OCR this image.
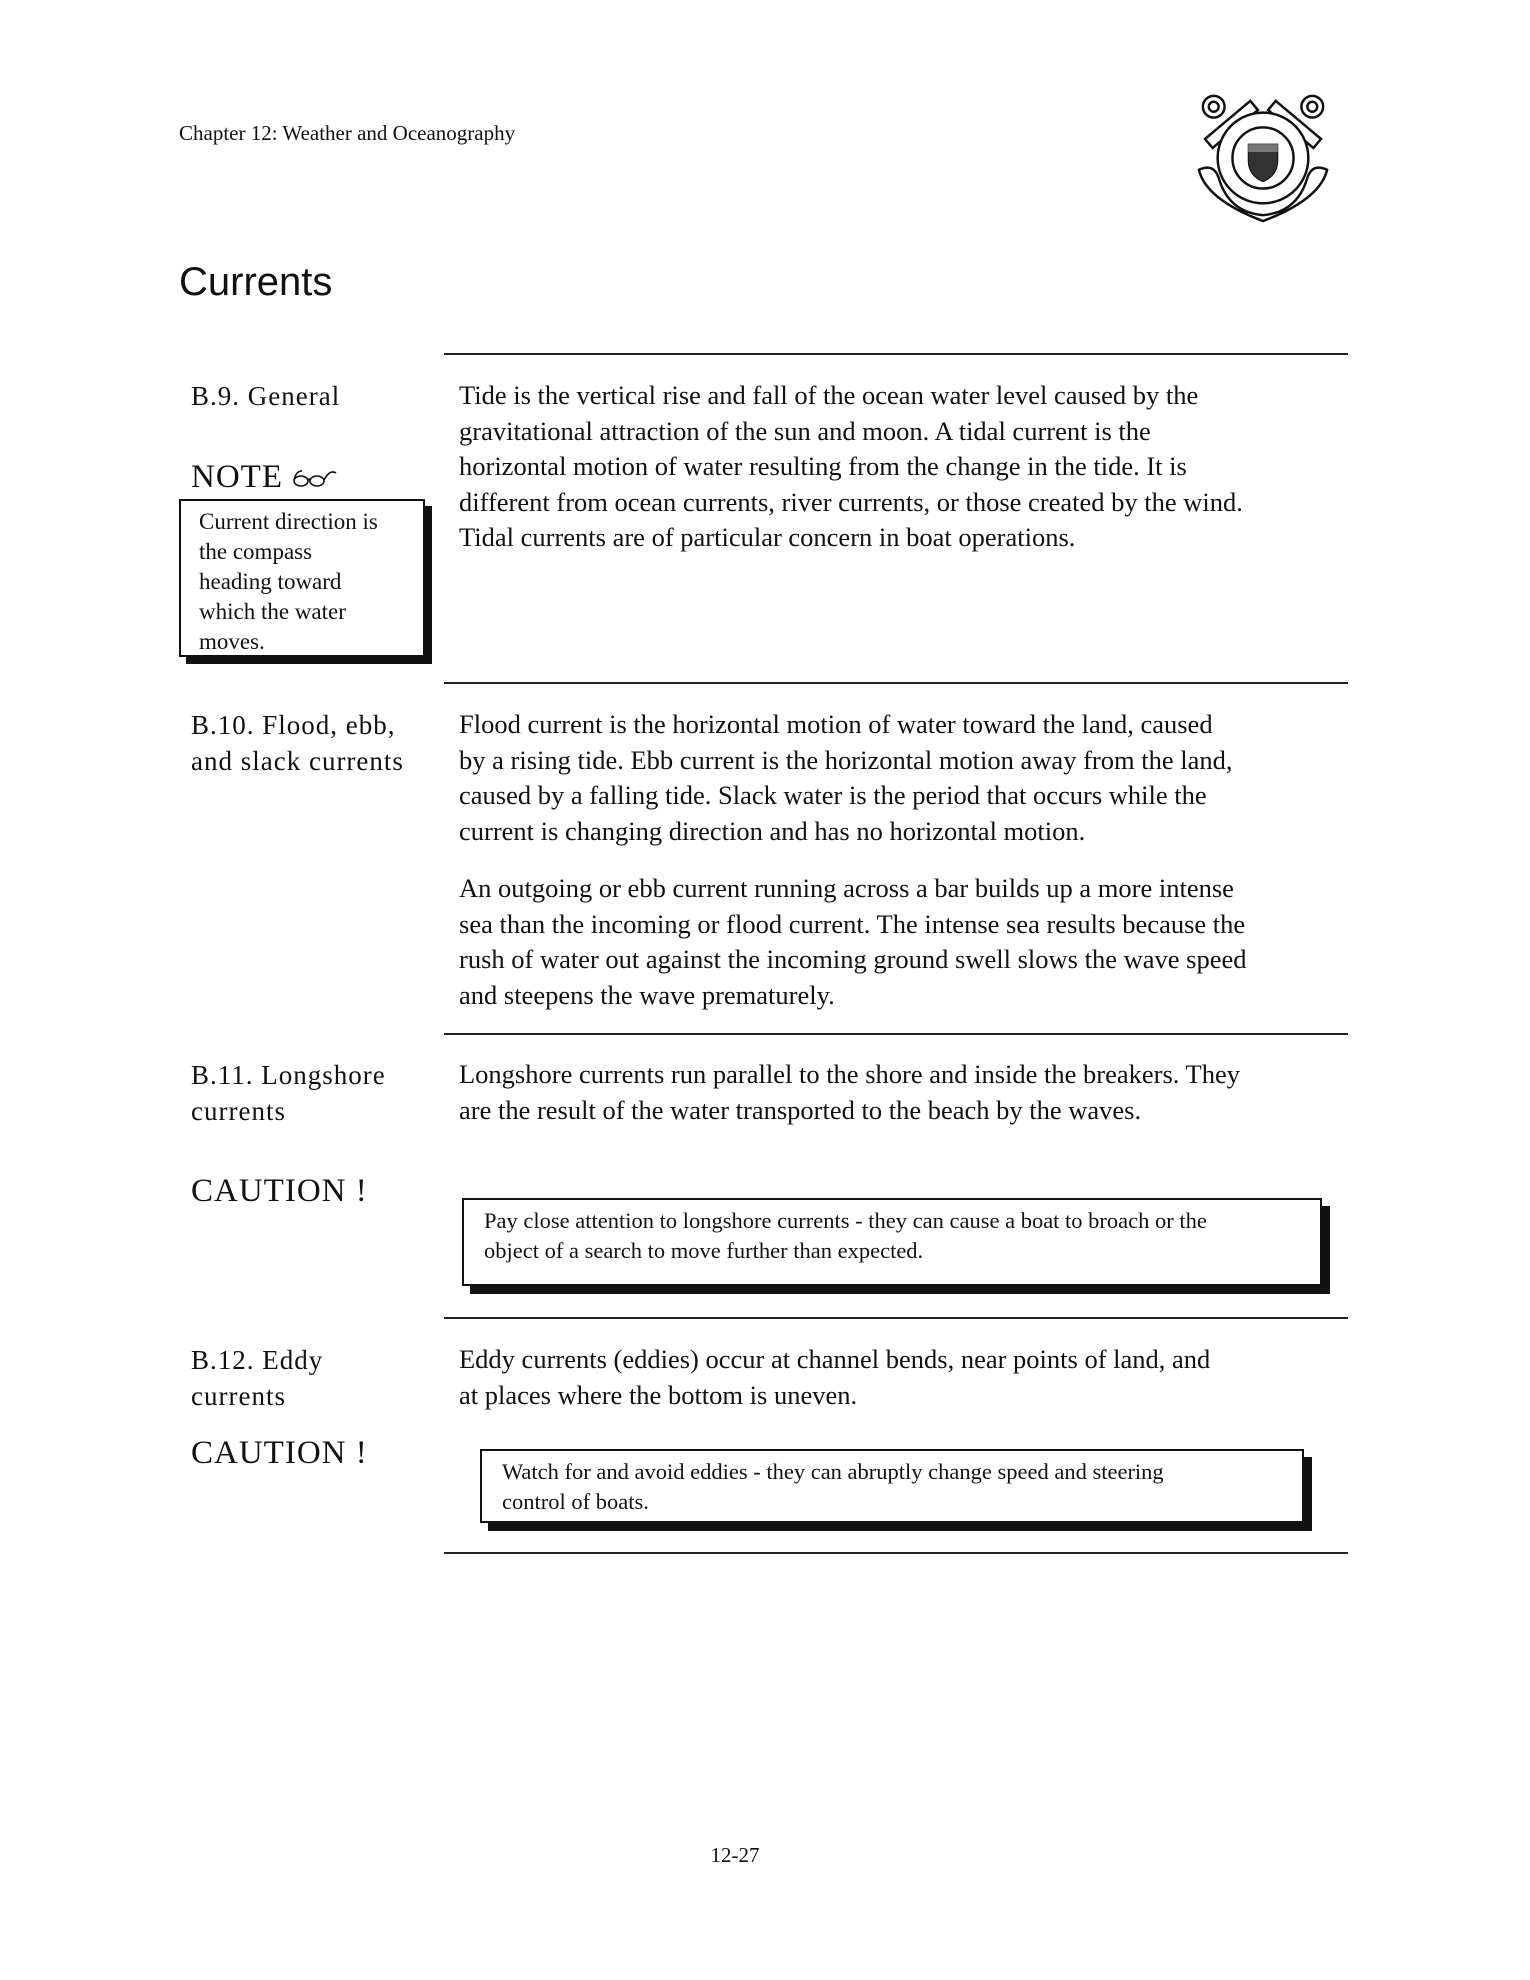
Chapter 12: Weather and Oceanography
Currents
B.9. General	Tide is the vertical rise and fall of the ocean water level caused by the
gravitational attraction of the sun and moon. A tidal current is the
horizontal motion of water resulting from the change in the tide. It is
different from ocean currents, river currents, or those created by the wind.
Tidal currents are of particular concern in boat operations.
NOTE
Current direction is
the compass
heading toward
which the water
moves.
B.10. Flood, ebb,
and slack currents
Flood current is the horizontal motion of water toward the land, caused
by a rising tide. Ebb current is the horizontal motion away from the land,
caused by a falling tide. Slack water is the period that occurs while the
current is changing direction and has no horizontal motion.
An outgoing or ebb current running across a bar builds up a more intense
sea than the incoming or flood current. The intense sea results because the
rush of water out against the incoming ground swell slows the wave speed
and steepens the wave prematurely.
B.11. Longshore
currents
Longshore currents run parallel to the shore and inside the breakers. They
are the result of the water transported to the beach by the waves.
CAUTION !
Pay close attention to longshore currents - they can cause a boat to broach or the
object of a search to move further than expected.
B.12. Eddy
currents
Eddy currents (eddies) occur at channel bends, near points of land, and
at places where the bottom is uneven.
CAUTION !
Watch for and avoid eddies - they can abruptly change speed and steering
control of boats.
12-27
